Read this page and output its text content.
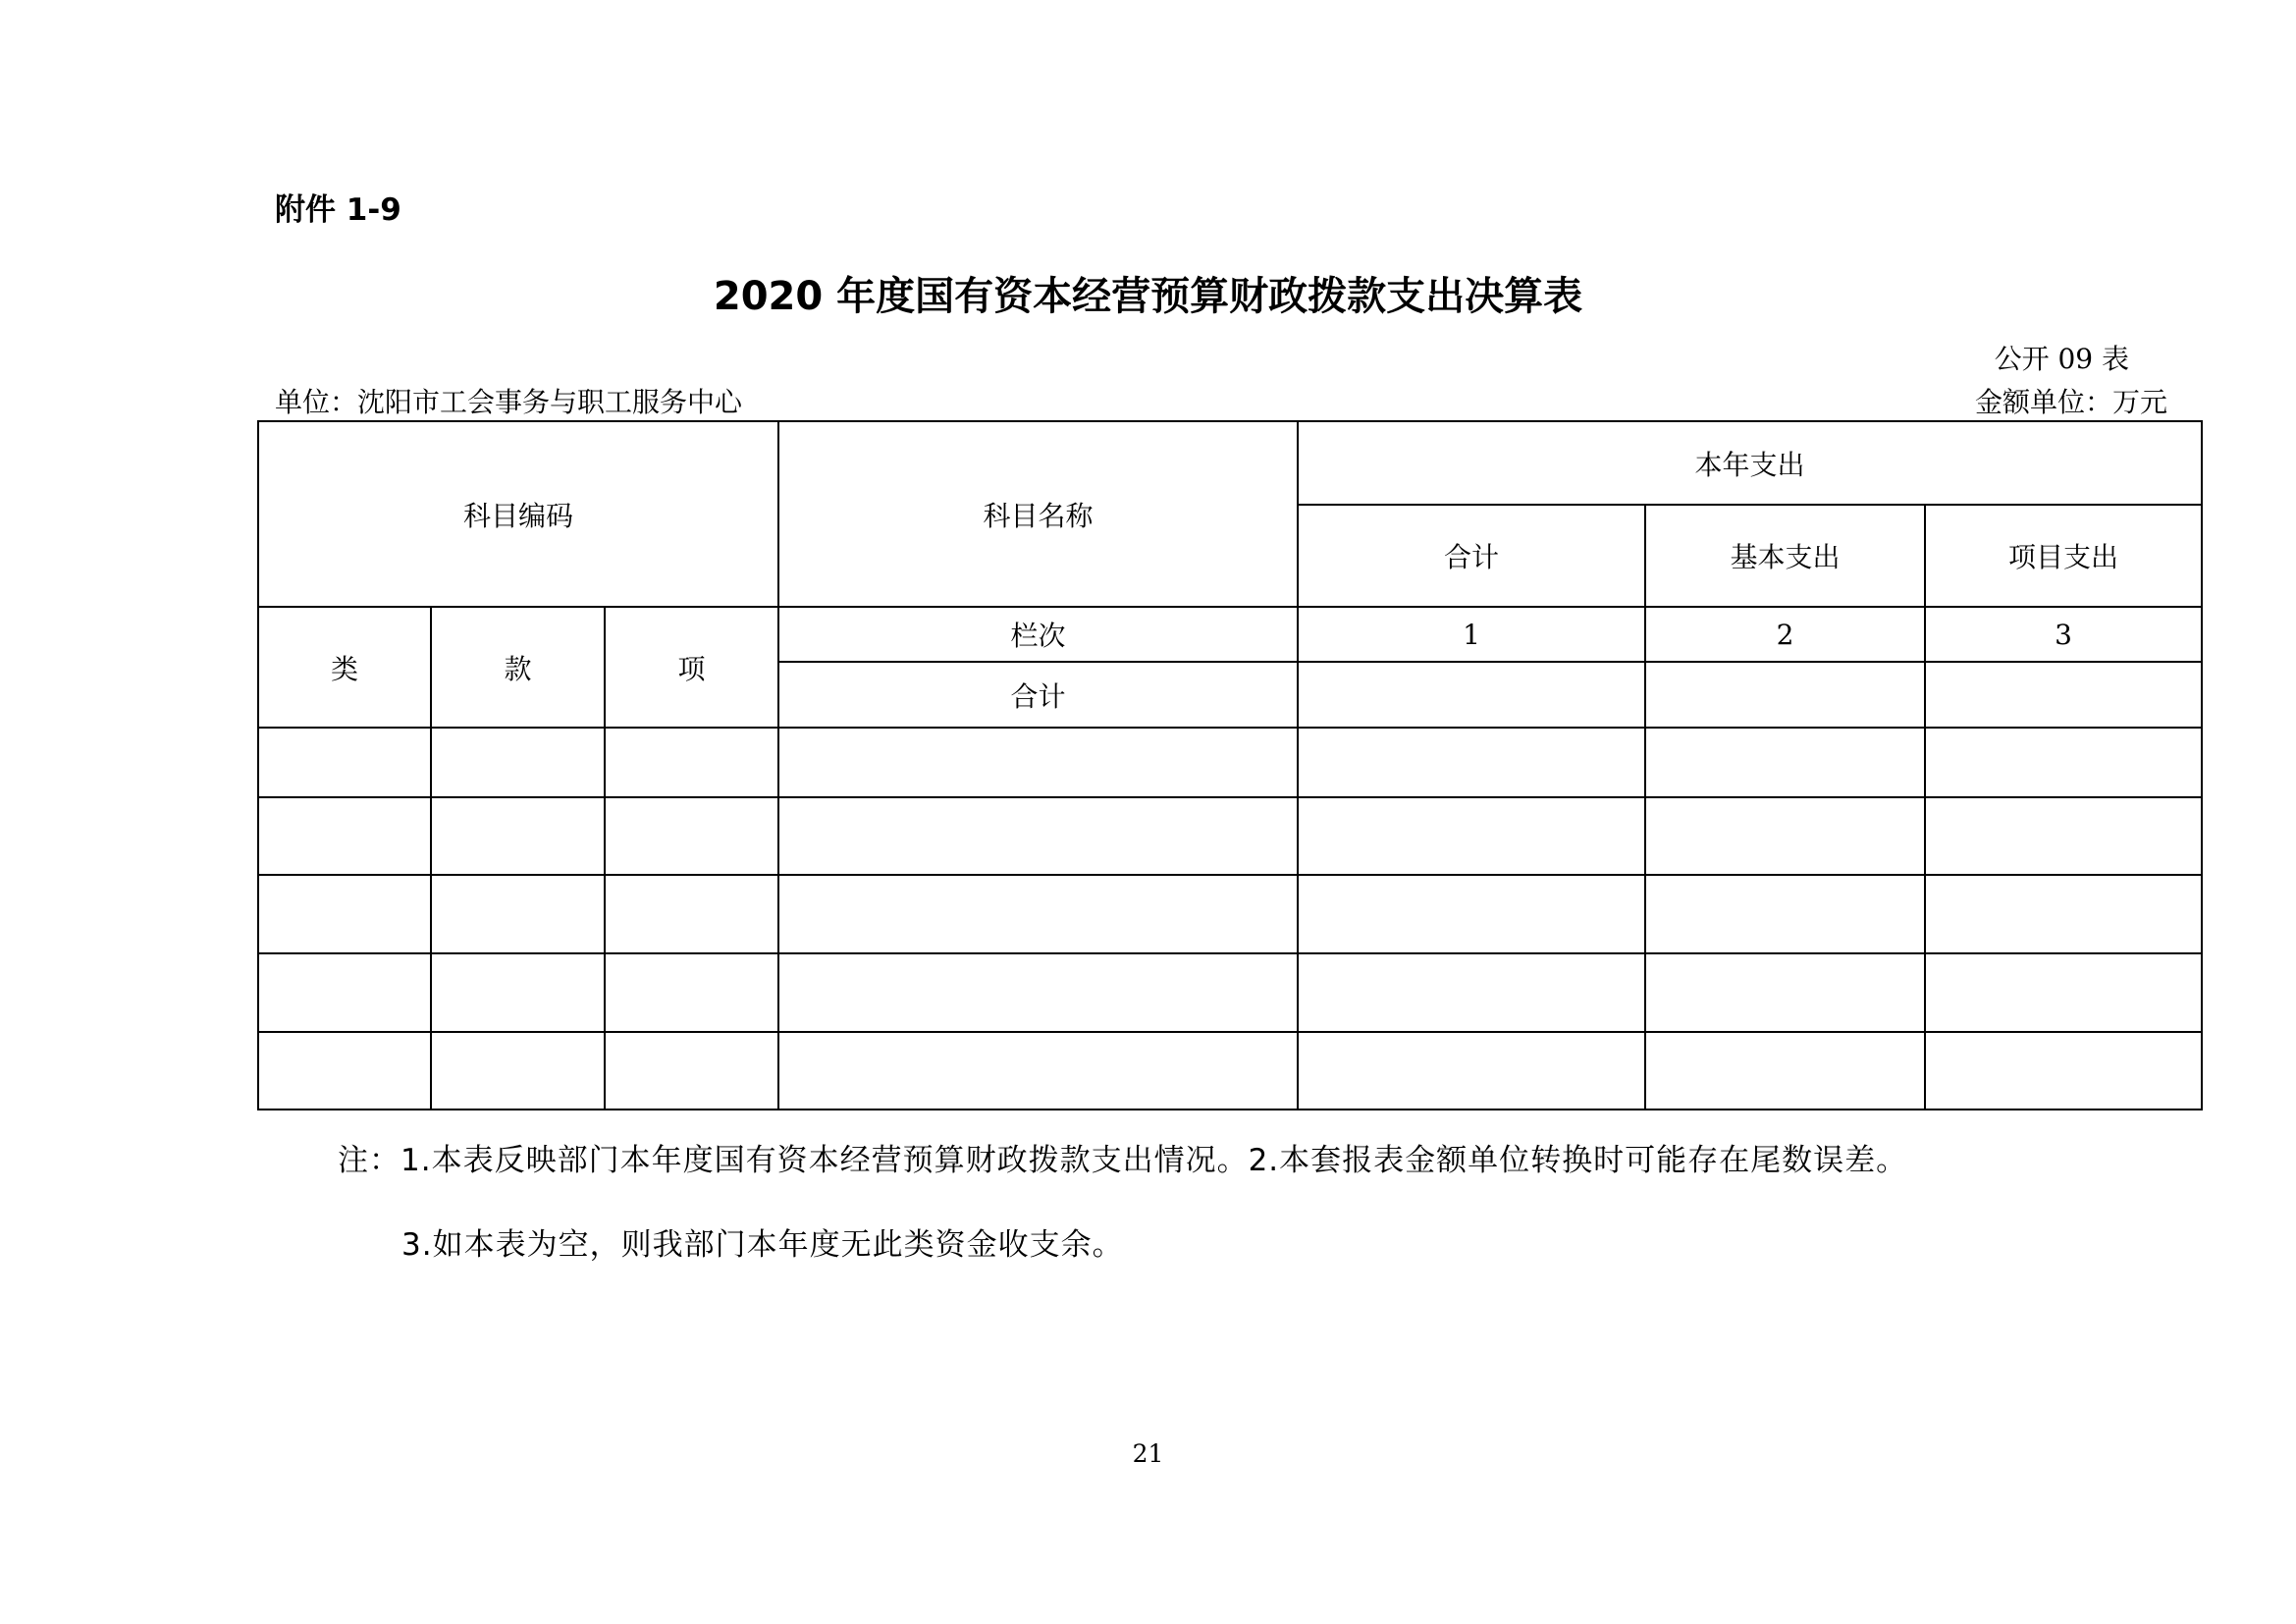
附件 1-9
2020 年度国有资本经营预算财政拨款支出决算表
公开 09 表
单位：沈阳市工会事务与职工服务中心	金额单位：万元
科目编码			科目名称	本年支出		
				合计	基本支出	项目支出
类	款	项	栏次	1	2	3
			合计			

注：1.本表反映部门本年度国有资本经营预算财政拨款支出情况。2.本套报表金额单位转换时可能存在尾数误差。
3.如本表为空，则我部门本年度无此类资金收支余。
21
